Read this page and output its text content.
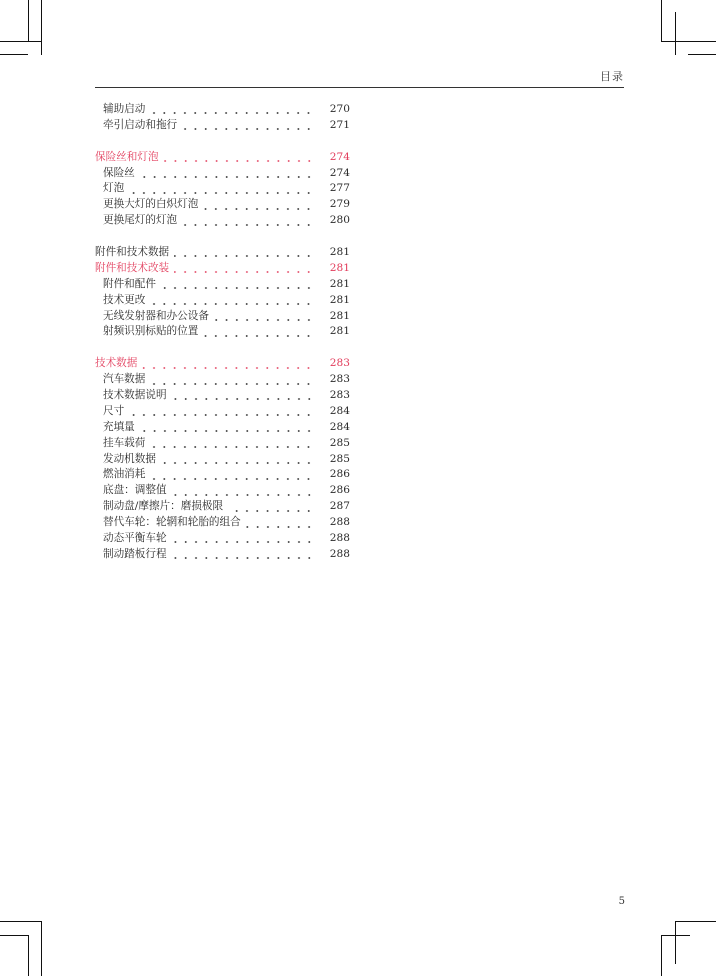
目录
辅助启动	270
牵引启动和拖行	271
保险丝和灯泡	274
保险丝	274
灯泡	277
更换大灯的白炽灯泡	279
更换尾灯的灯泡	280
附件和技术数据	281
附件和技术改装	281
附件和配件	281
技术更改	281
无线发射器和办公设备	281
射频识别标贴的位置	281
技术数据	283
汽车数据	283
技术数据说明	283
尺寸	284
充填量	284
挂车载荷	285
发动机数据	285
燃油消耗	286
底盘：调整值	286
制动盘/摩擦片：磨损极限	287
替代车轮：轮辋和轮胎的组合	288
动态平衡车轮	288
制动踏板行程	288
5
